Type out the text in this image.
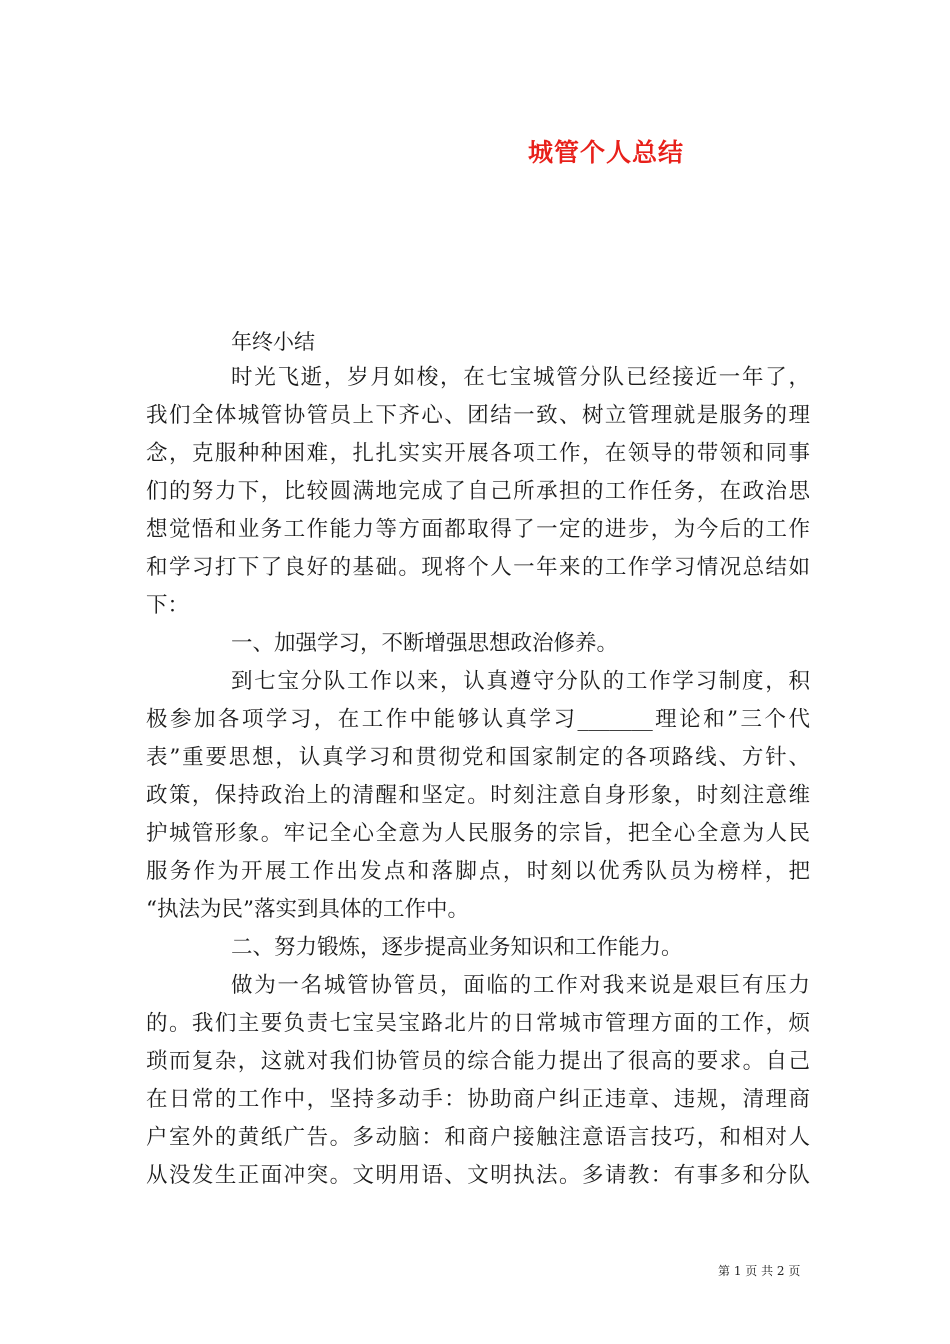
城管个人总结
年终小结
时光飞逝，岁月如梭，在七宝城管分队已经接近一年了，
我们全体城管协管员上下齐心、团结一致、树立管理就是服务的理
念，克服种种困难，扎扎实实开展各项工作，在领导的带领和同事
们的努力下，比较圆满地完成了自己所承担的工作任务，在政治思
想觉悟和业务工作能力等方面都取得了一定的进步，为今后的工作
和学习打下了良好的基础。现将个人一年来的工作学习情况总结如
下：
一、加强学习，不断增强思想政治修养。
到七宝分队工作以来，认真遵守分队的工作学习制度，积
极参加各项学习，在工作中能够认真学习_______理论和”三个代
表”重要思想，认真学习和贯彻党和国家制定的各项路线、方针、
政策，保持政治上的清醒和坚定。时刻注意自身形象，时刻注意维
护城管形象。牢记全心全意为人民服务的宗旨，把全心全意为人民
服务作为开展工作出发点和落脚点，时刻以优秀队员为榜样，把
“执法为民”落实到具体的工作中。
二、努力锻炼，逐步提高业务知识和工作能力。
做为一名城管协管员，面临的工作对我来说是艰巨有压力
的。我们主要负责七宝吴宝路北片的日常城市管理方面的工作，烦
琐而复杂，这就对我们协管员的综合能力提出了很高的要求。自己
在日常的工作中，坚持多动手：协助商户纠正违章、违规，清理商
户室外的黄纸广告。多动脑：和商户接触注意语言技巧，和相对人
从没发生正面冲突。文明用语、文明执法。多请教：有事多和分队
第 1 页 共 2 页
